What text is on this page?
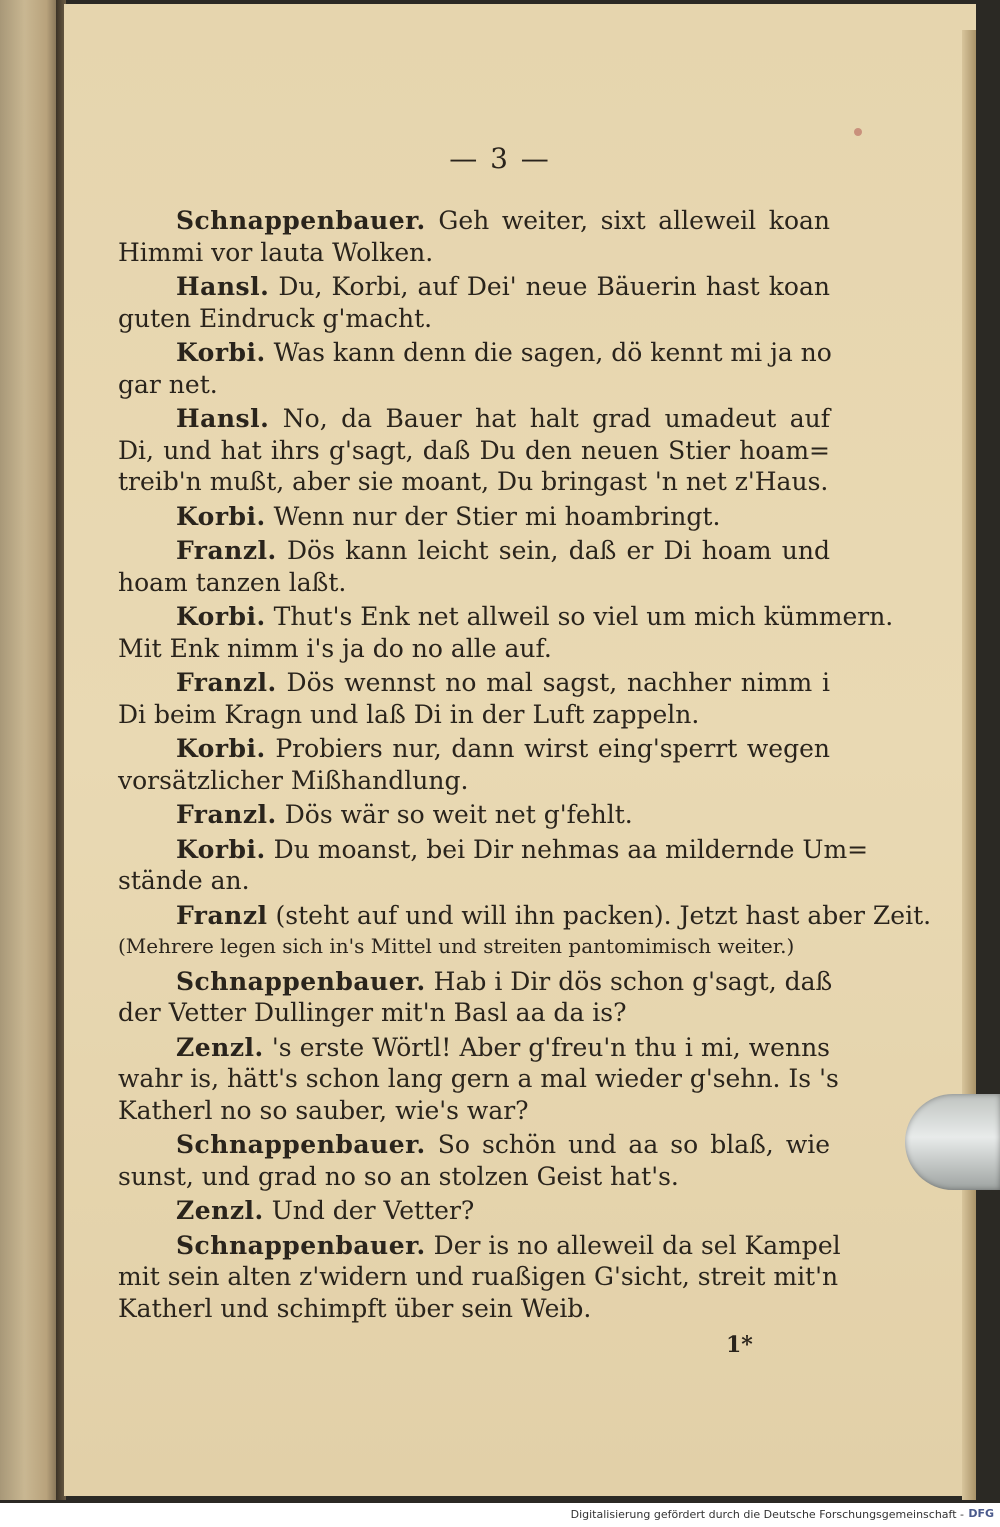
— 3 —
Schnappenbauer. Geh weiter, sixt alleweil koan
Himmi vor lauta Wolken.
Hansl. Du, Korbi, auf Dei' neue Bäuerin hast koan
guten Eindruck g'macht.
Korbi. Was kann denn die sagen, dö kennt mi ja no
gar net.
Hansl. No, da Bauer hat halt grad umadeut auf
Di, und hat ihrs g'sagt, daß Du den neuen Stier hoam=
treib'n mußt, aber sie moant, Du bringast 'n net z'Haus.
Korbi. Wenn nur der Stier mi hoambringt.
Franzl. Dös kann leicht sein, daß er Di hoam und
hoam tanzen laßt.
Korbi. Thut's Enk net allweil so viel um mich kümmern.
Mit Enk nimm i's ja do no alle auf.
Franzl. Dös wennst no mal sagst, nachher nimm i
Di beim Kragn und laß Di in der Luft zappeln.
Korbi. Probiers nur, dann wirst eing'sperrt wegen
vorsätzlicher Mißhandlung.
Franzl. Dös wär so weit net g'fehlt.
Korbi. Du moanst, bei Dir nehmas aa mildernde Um=
stände an.
Franzl (steht auf und will ihn packen). Jetzt hast aber Zeit.
(Mehrere legen sich in's Mittel und streiten pantomimisch weiter.)
Schnappenbauer. Hab i Dir dös schon g'sagt, daß
der Vetter Dullinger mit'n Basl aa da is?
Zenzl. 's erste Wörtl! Aber g'freu'n thu i mi, wenns
wahr is, hätt's schon lang gern a mal wieder g'sehn. Is 's
Katherl no so sauber, wie's war?
Schnappenbauer. So schön und aa so blaß, wie
sunst, und grad no so an stolzen Geist hat's.
Zenzl. Und der Vetter?
Schnappenbauer. Der is no alleweil da sel Kampel
mit sein alten z'widern und ruaßigen G'sicht, streit mit'n
Katherl und schimpft über sein Weib.
1*
Digitalisierung gefördert durch die Deutsche Forschungsgemeinschaft - DFG
